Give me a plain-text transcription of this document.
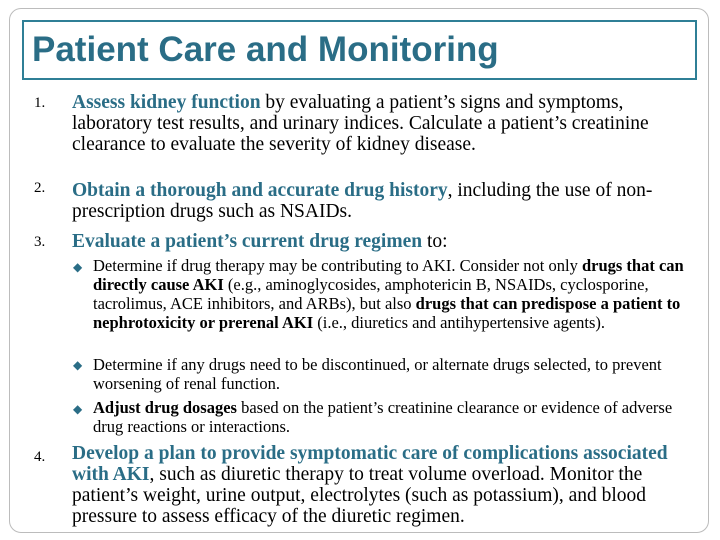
Patient Care and Monitoring
1. Assess kidney function by evaluating a patient’s signs and symptoms, laboratory test results, and urinary indices. Calculate a patient’s creatinine clearance to evaluate the severity of kidney disease.
2. Obtain a thorough and accurate drug history, including the use of non-prescription drugs such as NSAIDs.
3. Evaluate a patient’s current drug regimen to:
◆ Determine if drug therapy may be contributing to AKI. Consider not only drugs that can directly cause AKI (e.g., aminoglycosides, amphotericin B, NSAIDs, cyclosporine, tacrolimus, ACE inhibitors, and ARBs), but also drugs that can predispose a patient to nephrotoxicity or prerenal AKI (i.e., diuretics and antihypertensive agents).
◆ Determine if any drugs need to be discontinued, or alternate drugs selected, to prevent worsening of renal function.
◆ Adjust drug dosages based on the patient’s creatinine clearance or evidence of adverse drug reactions or interactions.
4. Develop a plan to provide symptomatic care of complications associated with AKI, such as diuretic therapy to treat volume overload. Monitor the patient’s weight, urine output, electrolytes (such as potassium), and blood pressure to assess efficacy of the diuretic regimen.
